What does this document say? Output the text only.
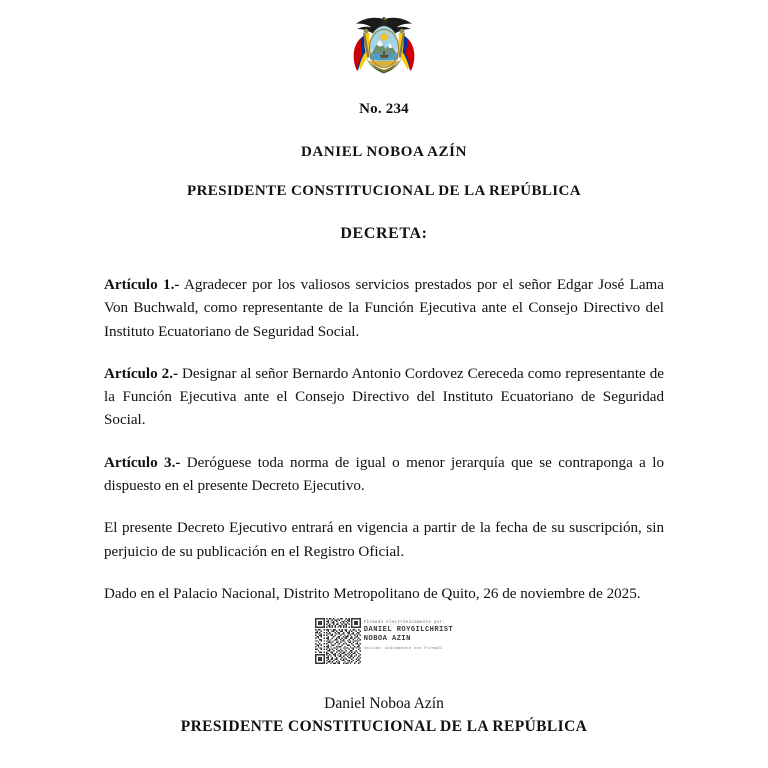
No. 234
DANIEL NOBOA AZÍN
PRESIDENTE CONSTITUCIONAL DE LA REPÚBLICA
DECRETA:

Artículo 1.- Agradecer por los valiosos servicios prestados por el señor Edgar José Lama Von Buchwald, como representante de la Función Ejecutiva ante el Consejo Directivo del Instituto Ecuatoriano de Seguridad Social.

Artículo 2.- Designar al señor Bernardo Antonio Cordovez Cereceda como representante de la Función Ejecutiva ante el Consejo Directivo del Instituto Ecuatoriano de Seguridad Social.

Artículo 3.- Deróguese toda norma de igual o menor jerarquía que se contraponga a lo dispuesto en el presente Decreto Ejecutivo.

El presente Decreto Ejecutivo entrará en vigencia a partir de la fecha de su suscripción, sin perjuicio de su publicación en el Registro Oficial.

Dado en el Palacio Nacional, Distrito Metropolitano de Quito, 26 de noviembre de 2025.

Firmado electrónicamente por:
DANIEL ROYGILCHRIST
NOBOA AZIN
Validar únicamente con FirmaEC
Daniel Noboa Azín
PRESIDENTE CONSTITUCIONAL DE LA REPÚBLICA
